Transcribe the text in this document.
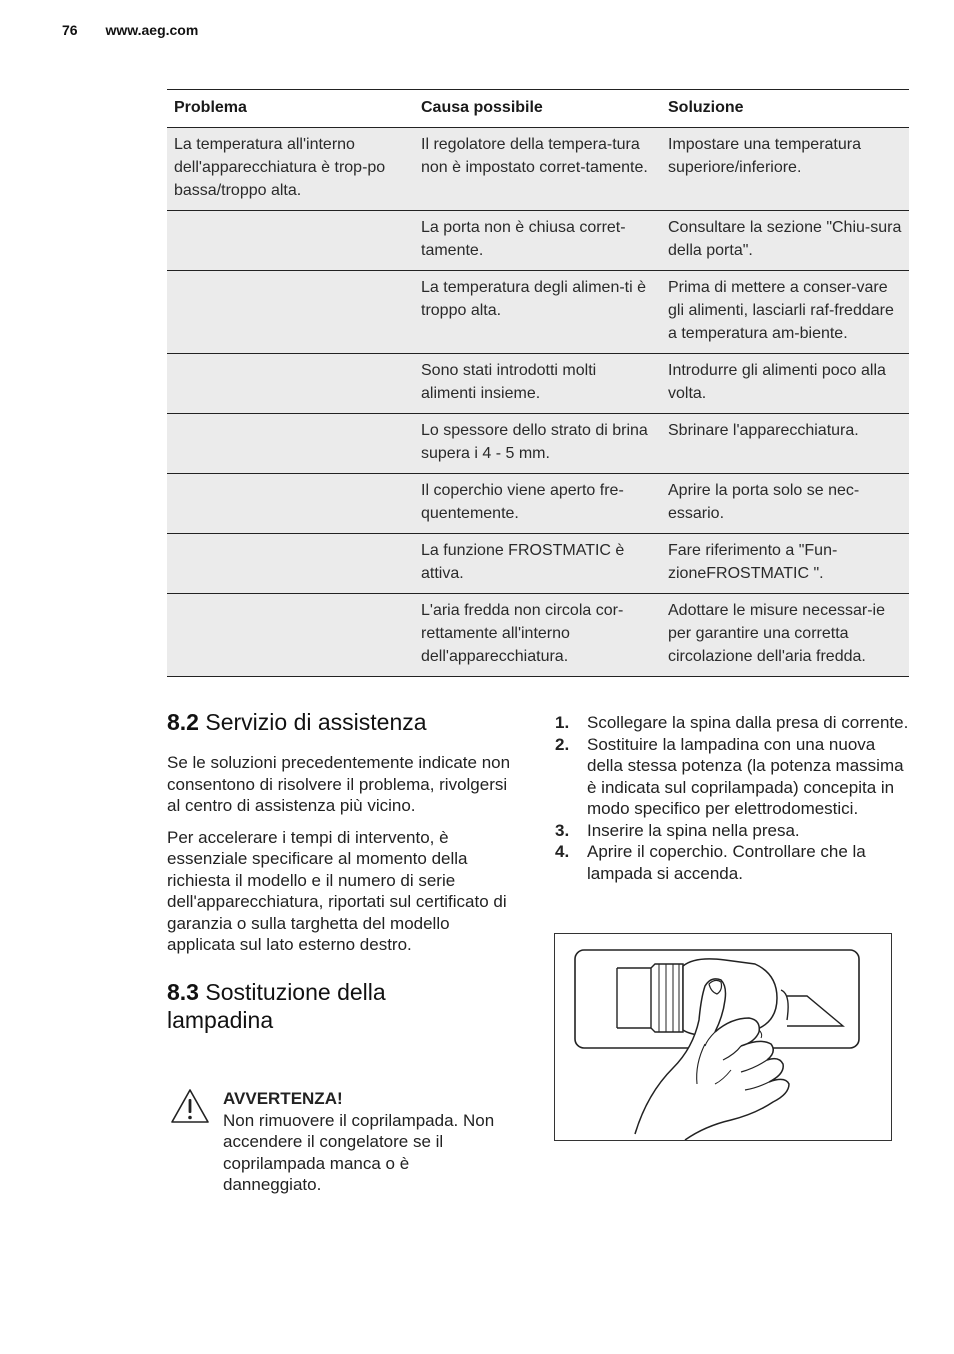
76 www.aeg.com
Problema	Causa possibile	Soluzione
La temperatura all'interno dell'apparecchiatura è trop-po bassa/troppo alta.	Il regolatore della tempera-tura non è impostato corret-tamente.	Impostare una temperatura superiore/inferiore.
	La porta non è chiusa corret-tamente.	Consultare la sezione "Chiu-sura della porta".
	La temperatura degli alimen-ti è troppo alta.	Prima di mettere a conser-vare gli alimenti, lasciarli raf-freddare a temperatura am-biente.
	Sono stati introdotti molti alimenti insieme.	Introdurre gli alimenti poco alla volta.
	Lo spessore dello strato di brina supera i 4 - 5 mm.	Sbrinare l'apparecchiatura.
	Il coperchio viene aperto fre-quentemente.	Aprire la porta solo se nec-essario.
	La funzione FROSTMATIC è attiva.	Fare riferimento a "Fun-zioneFROSTMATIC ".
	L'aria fredda non circola cor-rettamente all'interno dell'apparecchiatura.	Adottare le misure necessar-ie per garantire una corretta circolazione dell'aria fredda.
8.2 Servizio di assistenza

Se le soluzioni precedentemente indicate non consentono di risolvere il problema, rivolgersi al centro di assistenza più vicino.

Per accelerare i tempi di intervento, è essenziale specificare al momento della richiesta il modello e il numero di serie dell'apparecchiatura, riportati sul certificato di garanzia o sulla targhetta del modello applicata sul lato esterno destro.

8.3 Sostituzione della
lampadina
AVVERTENZA!
Non rimuovere il coprilampada. Non accendere il congelatore se il coprilampada manca o è danneggiato.
1. Scollegare la spina dalla presa di corrente.
2. Sostituire la lampadina con una nuova della stessa potenza (la potenza massima è indicata sul coprilampada) concepita in modo specifico per elettrodomestici.
3. Inserire la spina nella presa.
4. Aprire il coperchio. Controllare che la lampada si accenda.
